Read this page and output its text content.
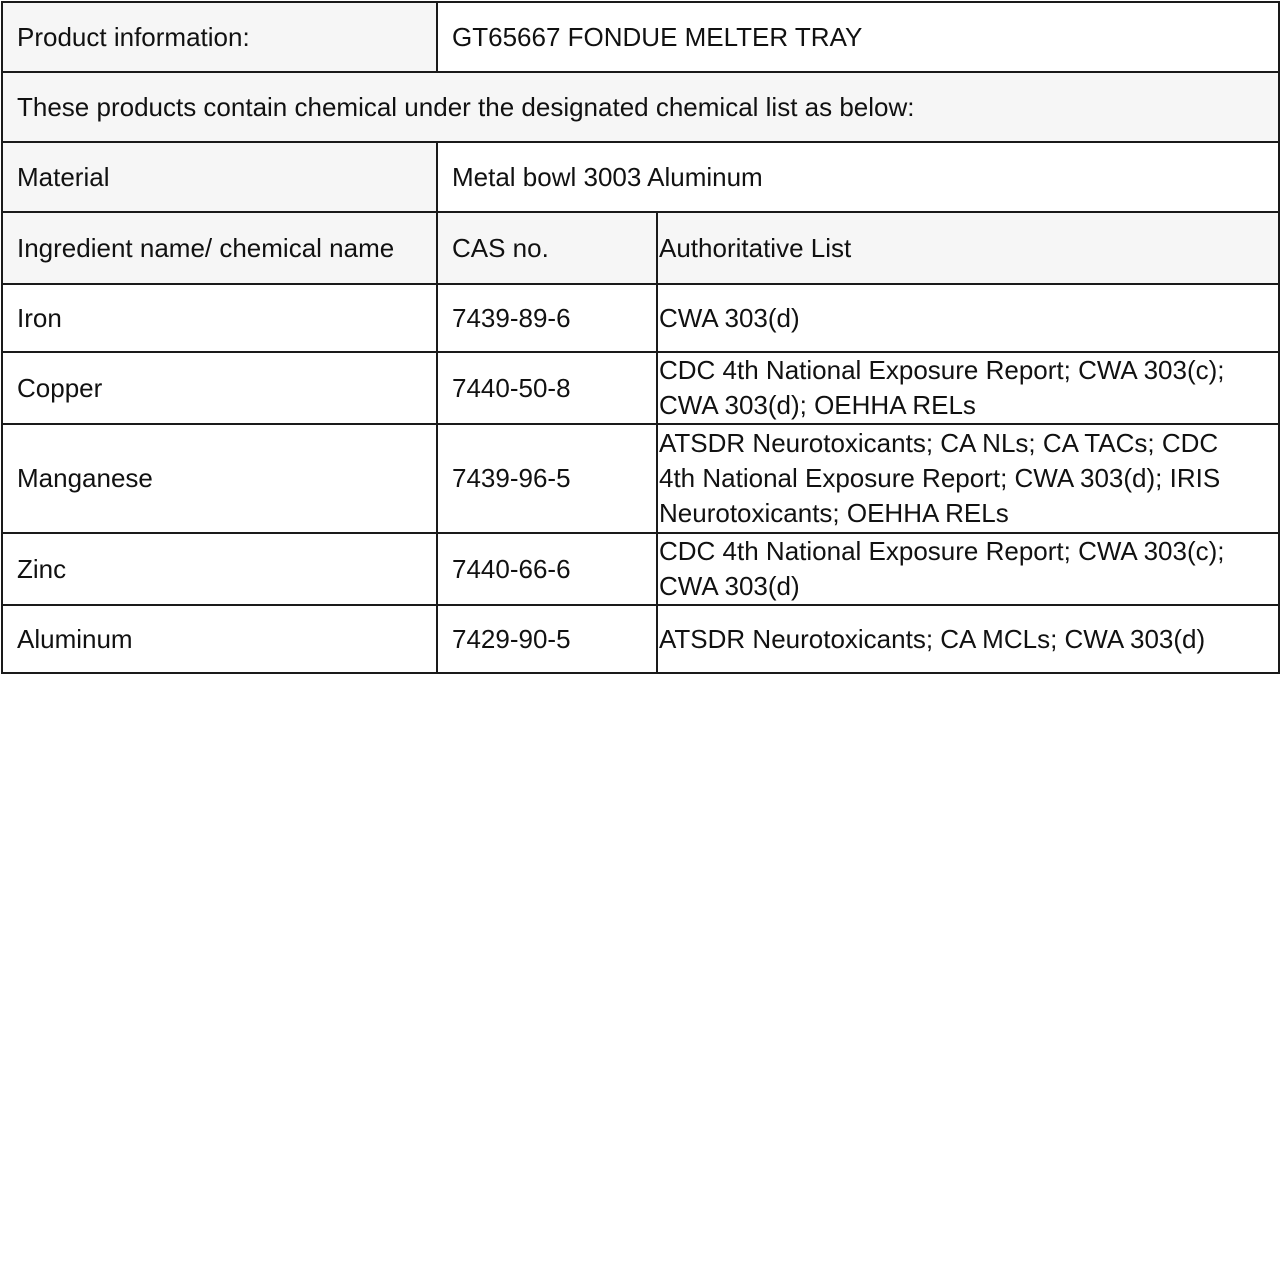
Product information:	GT65667 FONDUE MELTER TRAY	
These products contain chemical under the designated chemical list as below:		
Material	Metal bowl 3003 Aluminum	
Ingredient name/ chemical name	CAS no.	Authoritative List
Iron	7439-89-6	CWA 303(d)

Copper	7440-50-8	CDC 4th National Exposure Report; CWA 303(c);
CWA 303(d); OEHHA RELs

Manganese	7439-96-5	ATSDR Neurotoxicants; CA NLs; CA TACs; CDC
4th National Exposure Report; CWA 303(d); IRIS
Neurotoxicants; OEHHA RELs

Zinc	7440-66-6	CDC 4th National Exposure Report; CWA 303(c);
CWA 303(d)

Aluminum	7429-90-5	ATSDR Neurotoxicants; CA MCLs; CWA 303(d)
